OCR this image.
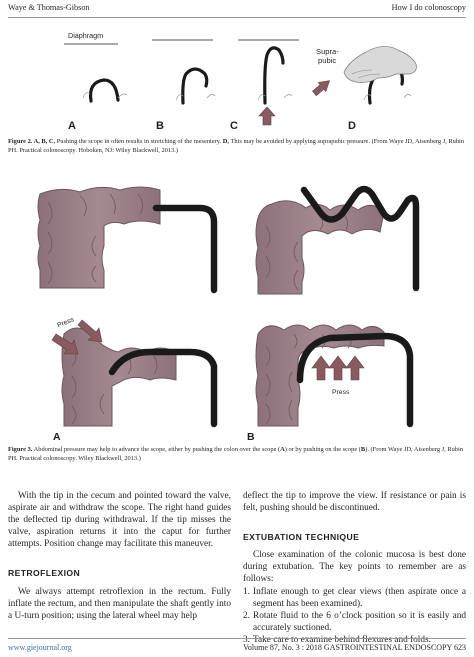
Waye & Thomas-Gibson	How I do colonoscopy
Diaphragm
A	B	C
Supra-
pubic
D
Figure 2. A, B, C, Pushing the scope in often results in stretching of the mesentery. D, This may be avoided by applying suprapubic pressure. (From Waye JD, Aisenberg J, Rubin PH. Practical colonoscopy. Hoboken, NJ: Wiley Blackwell, 2013.)
Press
A
Press
B
Figure 3. Abdominal pressure may help to advance the scope, either by pushing the colon over the scope (A) or by pushing on the scope (B). (From Waye JD, Aisenberg J, Rubin PH. Practical colonoscopy. Wiley Blackwell, 2013.)

With the tip in the cecum and pointed toward the valve, aspirate air and withdraw the scope. The right hand guides the deflected tip during withdrawal. If the tip misses the valve, aspiration returns it into the caput for further attempts. Position change may facilitate this maneuver.

RETROFLEXION

We always attempt retroflexion in the rectum. Fully inflate the rectum, and then manipulate the shaft gently into a U-turn position; using the lateral wheel may help

deflect the tip to improve the view. If resistance or pain is felt, pushing should be discontinued.

EXTUBATION TECHNIQUE

Close examination of the colonic mucosa is best done during extubation. The key points to remember are as follows:

1. Inflate enough to get clear views (then aspirate once a segment has been examined).
2. Rotate fluid to the 6 o’clock position so it is easily and accurately suctioned.
3. Take care to examine behind flexures and folds.
www.giejournal.org	Volume 87, No. 3 : 2018 GASTROINTESTINAL ENDOSCOPY 623
